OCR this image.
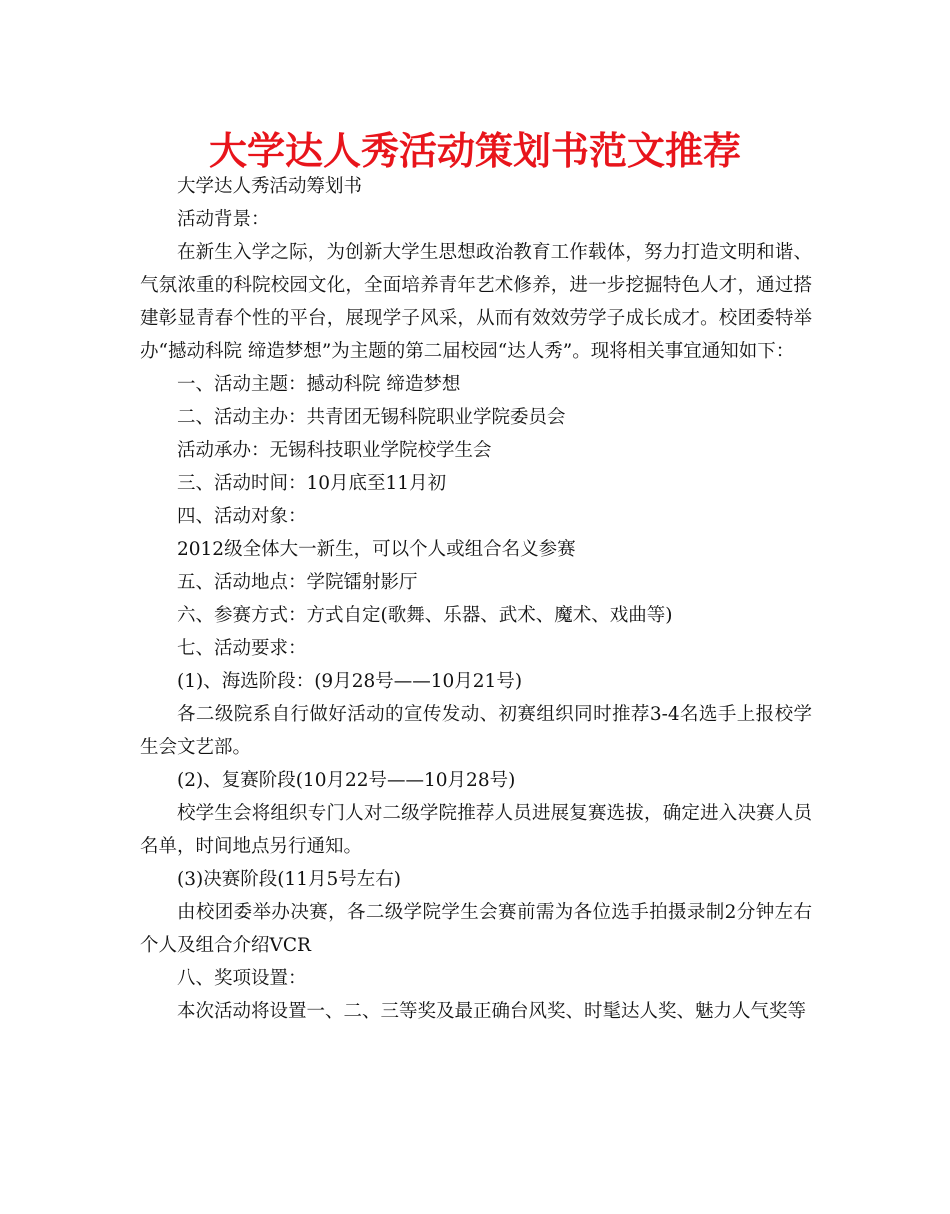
大学达人秀活动策划书范文推荐

大学达人秀活动筹划书

活动背景：

在新生入学之际，为创新大学生思想政治教育工作载体，努力打造文明和谐、气氛浓重的科院校园文化，全面培养青年艺术修养，进一步挖掘特色人才，通过搭建彰显青春个性的平台，展现学子风采，从而有效效劳学子成长成才。校团委特举办“撼动科院 缔造梦想”为主题的第二届校园“达人秀”。现将相关事宜通知如下：

一、活动主题：撼动科院 缔造梦想

二、活动主办：共青团无锡科院职业学院委员会

活动承办：无锡科技职业学院校学生会

三、活动时间：10月底至11月初

四、活动对象：

2012级全体大一新生，可以个人或组合名义参赛

五、活动地点：学院镭射影厅

六、参赛方式：方式自定(歌舞、乐器、武术、魔术、戏曲等)

七、活动要求：

(1)、海选阶段：(9月28号——10月21号)

各二级院系自行做好活动的宣传发动、初赛组织同时推荐3-4名选手上报校学生会文艺部。

(2)、复赛阶段(10月22号——10月28号)

校学生会将组织专门人对二级学院推荐人员进展复赛选拔，确定进入决赛人员名单，时间地点另行通知。

(3)决赛阶段(11月5号左右)

由校团委举办决赛，各二级学院学生会赛前需为各位选手拍摄录制2分钟左右个人及组合介绍VCR

八、奖项设置：

本次活动将设置一、二、三等奖及最正确台风奖、时髦达人奖、魅力人气奖等
